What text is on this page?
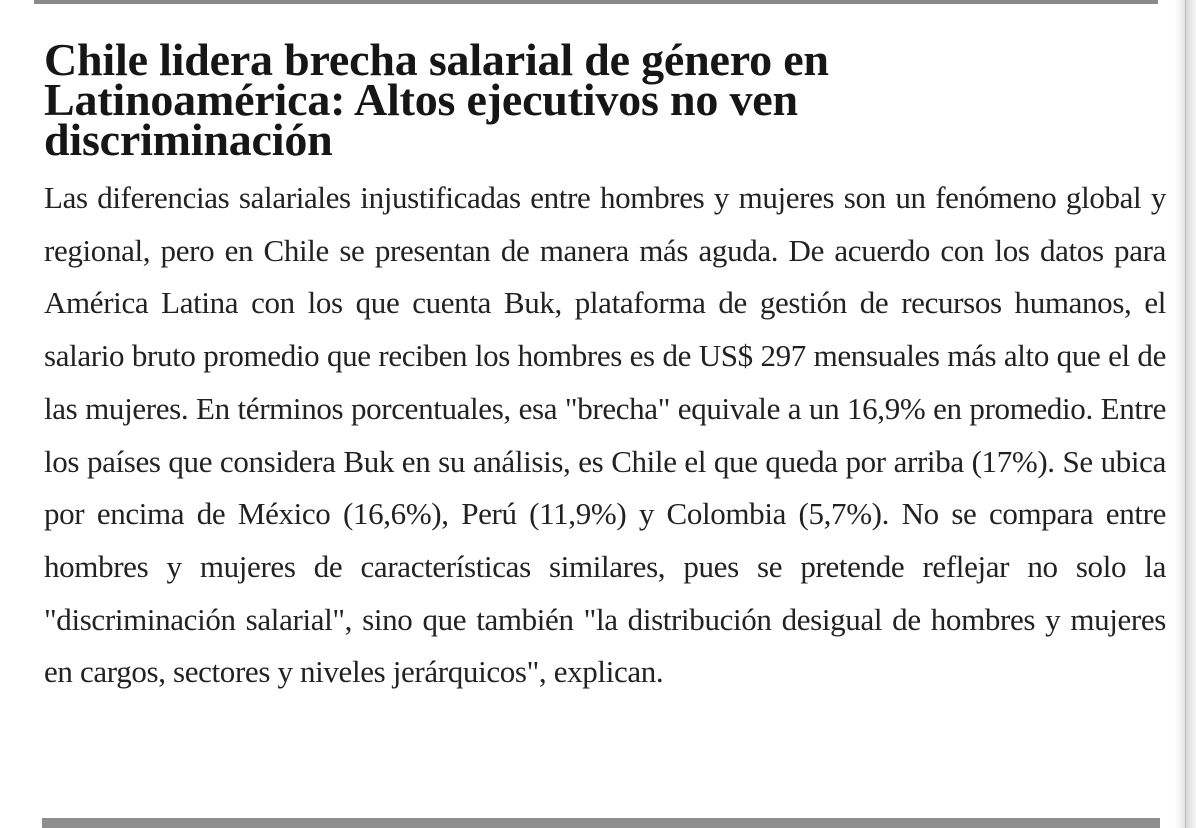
Chile lidera brecha salarial de género en Latinoamérica: Altos ejecutivos no ven discriminación

Las diferencias salariales injustificadas entre hombres y mujeres son un fenómeno global y regional, pero en Chile se presentan de manera más aguda. De acuerdo con los datos para América Latina con los que cuenta Buk, plataforma de gestión de recursos humanos, el salario bruto promedio que reciben los hombres es de US$ 297 mensuales más alto que el de las mujeres. En términos porcentuales, esa "brecha" equivale a un 16,9% en promedio. Entre los países que considera Buk en su análisis, es Chile el que queda por arriba (17%). Se ubica por encima de México (16,6%), Perú (11,9%) y Colombia (5,7%). No se compara entre hombres y mujeres de características similares, pues se pretende reflejar no solo la "discriminación salarial", sino que también "la distribución desigual de hombres y mujeres en cargos, sectores y niveles jerárquicos", explican.
